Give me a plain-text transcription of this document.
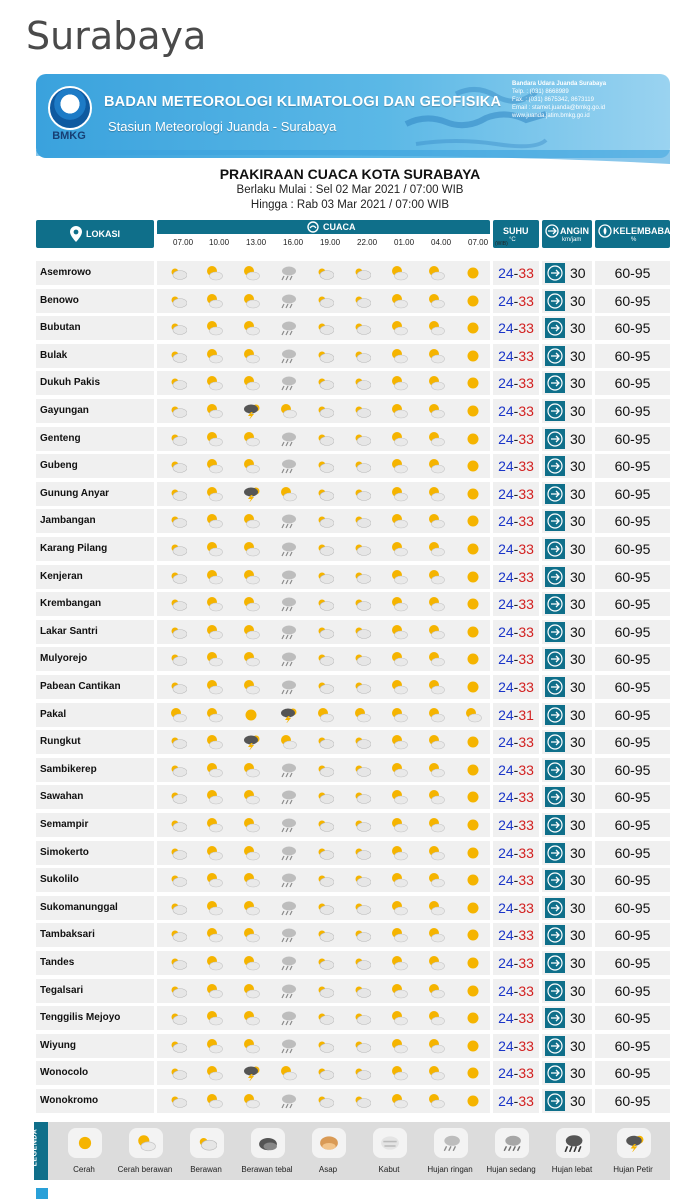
Surabaya
BMKG
BADAN METEOROLOGI KLIMATOLOGI DAN GEOFISIKA
Stasiun Meteorologi Juanda - Surabaya
Bandara Udara Juanda Surabaya
Telp. : (031) 8668989
Fax. : (031) 8675342, 8673119
Email : stamet.juanda@bmkg.go.id
www.juanda.jatim.bmkg.go.id
PRAKIRAAN CUACA KOTA SURABAYA
Berlaku Mulai : Sel 02 Mar 2021 / 07:00 WIB
Hingga : Rab 03 Mar 2021 / 07:00 WIB
LOKASI
CUACA	SUHU
°C
ANGIN
km/jam
KELEMBABAN
%
07.00 10.00 13.00 16.00 19.00 22.00 01.00 04.00 07.00 (WIB)
Asemrowo	24-33	30	60-95
Benowo	24-33	30	60-95
Bubutan	24-33	30	60-95
Bulak	24-33	30	60-95
Dukuh Pakis	24-33	30	60-95
Gayungan	24-33	30	60-95
Genteng	24-33	30	60-95
Gubeng	24-33	30	60-95
Gunung Anyar	24-33	30	60-95
Jambangan	24-33	30	60-95
Karang Pilang	24-33	30	60-95
Kenjeran	24-33	30	60-95
Krembangan	24-33	30	60-95
Lakar Santri	24-33	30	60-95
Mulyorejo	24-33	30	60-95
Pabean Cantikan	24-33	30	60-95
Pakal	24-31	30	60-95
Rungkut	24-33	30	60-95
Sambikerep	24-33	30	60-95
Sawahan	24-33	30	60-95
Semampir	24-33	30	60-95
Simokerto	24-33	30	60-95
Sukolilo	24-33	30	60-95
Sukomanunggal	24-33	30	60-95
Tambaksari	24-33	30	60-95
Tandes	24-33	30	60-95
Tegalsari	24-33	30	60-95
Tenggilis Mejoyo	24-33	30	60-95
Wiyung	24-33	30	60-95
Wonocolo	24-33	30	60-95
Wonokromo	24-33	30	60-95
LEGENDA
Cerah	Cerah berawan	Berawan	Berawan tebal	Asap	Kabut	Hujan ringan	Hujan sedang	Hujan lebat	Hujan Petir
